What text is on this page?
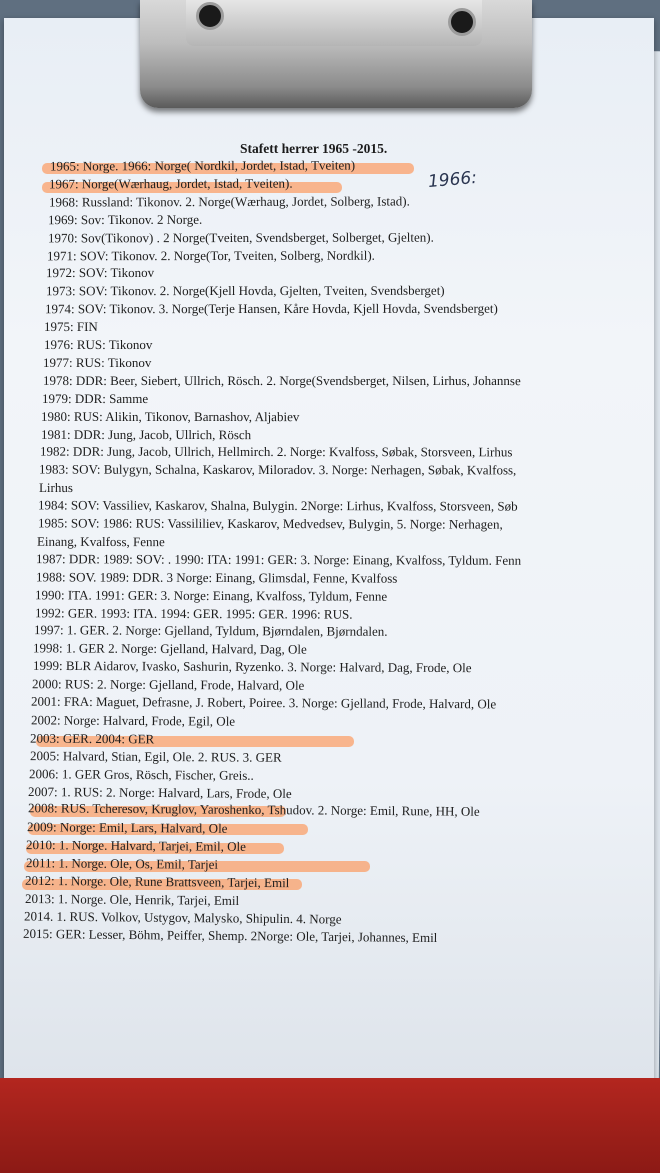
Stafett herrer 1965 -2015.
1966:
1965: Norge. 1966: Norge( Nordkil, Jordet, Istad, Tveiten)
1967: Norge(Wærhaug, Jordet, Istad, Tveiten).
1968: Russland: Tikonov. 2. Norge(Wærhaug, Jordet, Solberg, Istad).
1969: Sov: Tikonov. 2 Norge.
1970: Sov(Tikonov) . 2 Norge(Tveiten, Svendsberget, Solberget, Gjelten).
1971: SOV: Tikonov. 2. Norge(Tor, Tveiten, Solberg, Nordkil).
1972: SOV: Tikonov
1973: SOV: Tikonov. 2. Norge(Kjell Hovda, Gjelten, Tveiten, Svendsberget)
1974: SOV: Tikonov. 3. Norge(Terje Hansen, Kåre Hovda, Kjell Hovda, Svendsberget)
1975: FIN
1976: RUS: Tikonov
1977: RUS: Tikonov
1978: DDR: Beer, Siebert, Ullrich, Rösch. 2. Norge(Svendsberget, Nilsen, Lirhus, Johannse
1979: DDR: Samme
1980: RUS: Alikin, Tikonov, Barnashov, Aljabiev
1981: DDR: Jung, Jacob, Ullrich, Rösch
1982: DDR: Jung, Jacob, Ullrich, Hellmirch. 2. Norge: Kvalfoss, Søbak, Storsveen, Lirhus
1983: SOV: Bulygyn, Schalna, Kaskarov, Miloradov. 3. Norge: Nerhagen, Søbak, Kvalfoss,
Lirhus
1984: SOV: Vassiliev, Kaskarov, Shalna, Bulygin. 2Norge: Lirhus, Kvalfoss, Storsveen, Søb
1985: SOV: 1986: RUS: Vassililiev, Kaskarov, Medvedsev, Bulygin, 5. Norge: Nerhagen,
Einang, Kvalfoss, Fenne
1987: DDR: 1989: SOV: . 1990: ITA: 1991: GER: 3. Norge: Einang, Kvalfoss, Tyldum. Fenn
1988: SOV. 1989: DDR. 3 Norge: Einang, Glimsdal, Fenne, Kvalfoss
1990: ITA. 1991: GER: 3. Norge: Einang, Kvalfoss, Tyldum, Fenne
1992: GER. 1993: ITA. 1994: GER. 1995: GER. 1996: RUS.
1997: 1. GER. 2. Norge: Gjelland, Tyldum, Bjørndalen, Bjørndalen.
1998: 1. GER 2. Norge: Gjelland, Halvard, Dag, Ole
1999: BLR Aidarov, Ivasko, Sashurin, Ryzenko. 3. Norge: Halvard, Dag, Frode, Ole
2000: RUS: 2. Norge: Gjelland, Frode, Halvard, Ole
2001: FRA: Maguet, Defrasne, J. Robert, Poiree. 3. Norge: Gjelland, Frode, Halvard, Ole
2002: Norge: Halvard, Frode, Egil, Ole
2003: GER. 2004: GER
2005: Halvard, Stian, Egil, Ole. 2. RUS. 3. GER
2006: 1. GER Gros, Rösch, Fischer, Greis..
2007: 1. RUS: 2. Norge: Halvard, Lars, Frode, Ole
2008: RUS. Tcheresov, Kruglov, Yaroshenko, Tshudov. 2. Norge: Emil, Rune, HH, Ole
2009: Norge: Emil, Lars, Halvard, Ole
2010: 1. Norge. Halvard, Tarjei, Emil, Ole
2011: 1. Norge. Ole, Os, Emil, Tarjei
2012: 1. Norge. Ole, Rune Brattsveen, Tarjei, Emil
2013: 1. Norge. Ole, Henrik, Tarjei, Emil
2014. 1. RUS. Volkov, Ustygov, Malysko, Shipulin. 4. Norge
2015: GER: Lesser, Böhm, Peiffer, Shemp. 2Norge: Ole, Tarjei, Johannes, Emil
